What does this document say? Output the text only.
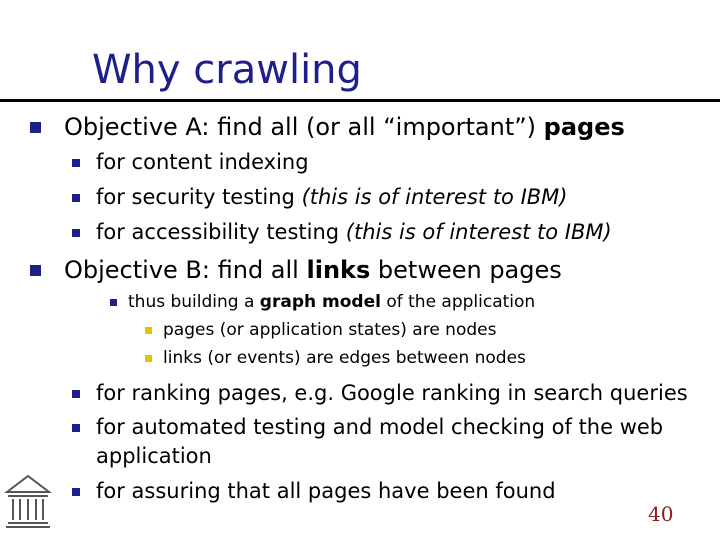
Why crawling
Objective A: find all (or all “important”) pages
for content indexing
for security testing (this is of interest to IBM)
for accessibility testing (this is of interest to IBM)
Objective B: find all links between pages
thus building a graph model of the application
pages (or application states) are nodes
links (or events) are edges between nodes
for ranking pages, e.g. Google ranking in search queries
for automated testing and model checking of the web
application
for assuring that all pages have been found
40
